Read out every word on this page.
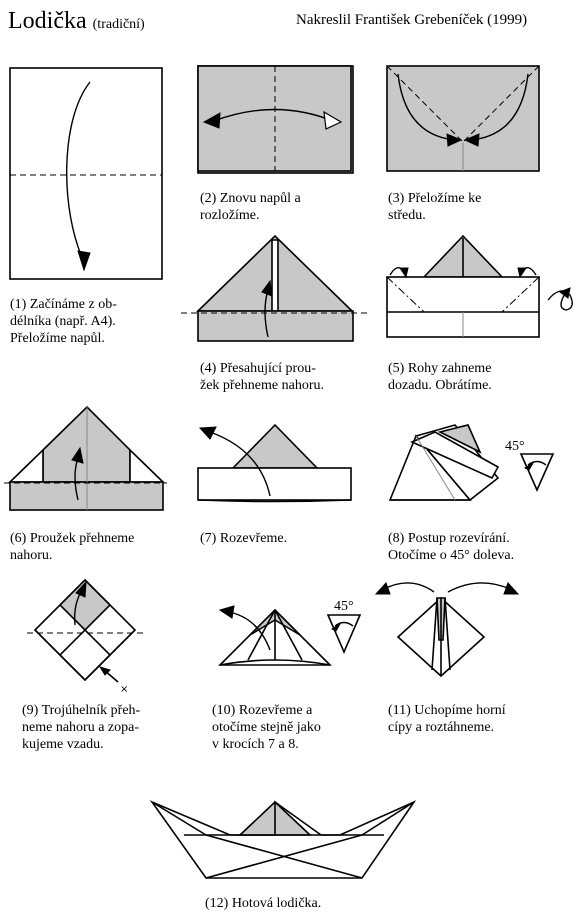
Lodička (tradiční)	Nakreslil František Grebeníček (1999)
×
45°
45°
(1) Začínáme z ob-
délníka (např. A4).
Přeložíme napůl.
(2) Znovu napůl a
rozložíme.
(3) Přeložíme ke
středu.
(4) Přesahující prou-
žek přehneme nahoru.
(5) Rohy zahneme
dozadu. Obrátíme.
(6) Proužek přehneme
nahoru.
(7) Rozevřeme.	(8) Postup rozevírání.
Otočíme o 45° doleva.
(9) Trojúhelník přeh-
neme nahoru a zopa-
kujeme vzadu.
(10) Rozevřeme a
otočíme stejně jako
v krocích 7 a 8.
(11) Uchopíme horní
cípy a roztáhneme.
(12) Hotová lodička.
